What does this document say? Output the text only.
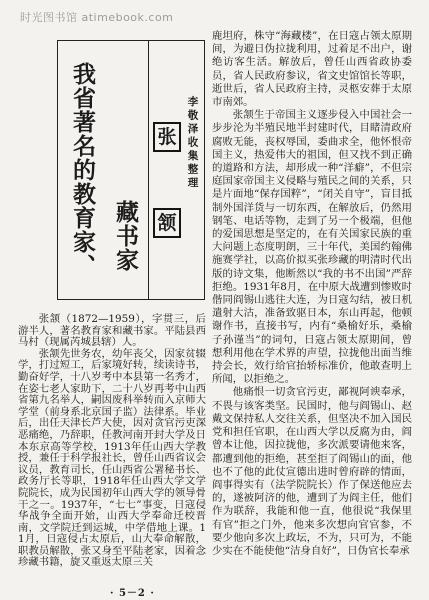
时光图书馆 atimebook.com
我省著名的教育家、 藏书家
张
颔
李敬泽收集整理

张颔（1872—1959），字贯三，后游半人，著名教育家和藏书家。平陆县西马村（现属芮城县辖）人。

张颔先世务农，幼年丧父，因家贫辍学，打过短工，后家境好转，续读诗书，勤奋好学，十八岁考中本县第一名秀才，在姿七老人家助下，二十八岁再考中山西省第九名举人，嗣因废科举转而入京师大学堂（前身系北京国子监）法律系。毕业后，出任天津长芦大使，因对贪官污吏深恶痛绝，乃辞职，任教河南开封大学及日本东京高等学校，1913年任山西大学教授，兼任于科学报社长，曾任山西省议会议员，教育司长，任山西省公署秘书长、政务厅长等职，1918年任山西大学文学院院长，成为民国初年山西大学的领导骨干之一。1937年，“七七”事变，日寇侵华战争全面开始，山西大学奉命迁校晋南，文学院迁到运城，中学借地上课。11月，日寇侵占太原后，山大奉命解散，职教员解散，张又身至平陆老家，因着念珍藏书籍，旋又重返太原三关

鹿坦府，株守“海藏楼”，在日寇占领太原期间，为避日伪拉拢利用，过着足不出户，谢绝访客生活。解放后，曾任山西省政协委员，省人民政府参议，省文史馆馆长等职，逝世后，省人民政府主持，灵柩安葬于太原市南郊。

张颔生于帝国主义逐步侵入中国社会一步步沦为半殖民地半封建时代，目睹清政府腐败无能，丧权辱国，委曲求全，他怀恨帝国主义，热爱伟大的祖国，但又找不到正确的道路和方法，却形成一种“洋癖”，不但宗庭国家帝国主义侵略与殖民之间的关系，只是片面地“保存国粹”，“闭关自守”，盲目抵制外国洋货与一切东西，在解放后，仍然用钢笔、电话等物，走到了另一个极端，但他的爱国思想是坚定的，在有关国家民族的重大问题上态度明朗，三十年代，美国约翰佛施赛学社，以高价拟买张珍藏的明清时代出版的诗文集，他断然以“我的书不出国”严辞拒绝。1931年8月，在中原大战遭到惨败时偕同阎锡山逃往大连，为日寇勾结，被日机遣射大沽，准备致驱日本，东山再起，他顿谢作书，直接书写，内有“桑榆好乐，桑榆子孙谨当”的词句，日寇占领太原期间，曾想利用他在学术界的声望，拉拢他出面当维持会长，效行给官抬轿标准价，他敢查明上所闻，以拒绝之。

他痛恨一切贪官污吏，鄙视阿谀奉承，不畏与该客类坚。民国时，他与阎锡山、赵戴文保持私人交往关系，但坚决不加入国民党和担任官职，在山西大学以反腐为由，阎曾本让他，因拉拢他，多次派要请他来客，都遭到他的拒绝，甚至拒了阎锡山的面，他也不了他的此仗宣德出进时曾府辟的情面，阎事得实有（法学院院长）作了保送他应去的，遂被阿济的他，遭到了为阎主任，他们作为联辞，我能和他一直，他很说“我保里有官”拒之门外，他来多次想向官官参，不要少他向多次上政坛，不为，只可为，不能少实在不能使他“洁身自好”，日伪官长奉承

· 5－2 ·
